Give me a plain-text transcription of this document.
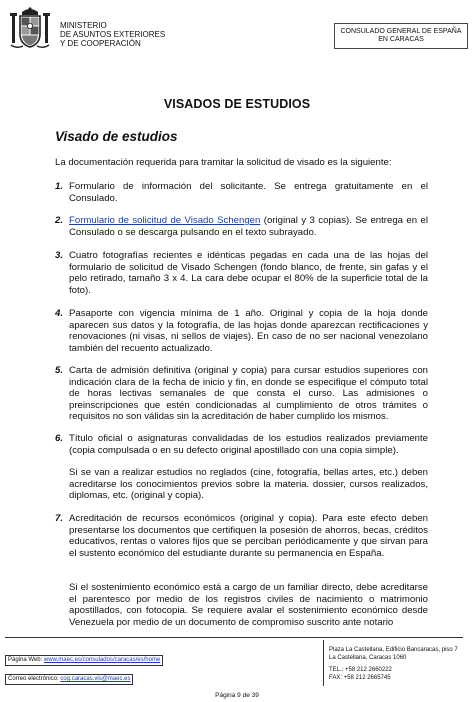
MINISTERIO
DE ASUNTOS EXTERIORES
Y DE COOPERACIÓN
CONSULADO GENERAL DE ESPAÑA
EN CARACAS
VISADOS DE ESTUDIOS
Visado de estudios
La documentación requerida para tramitar la solicitud de visado es la siguiente:
1. Formulario de información del solicitante. Se entrega gratuitamente en el Consulado.
2. Formulario de solicitud de Visado Schengen (original y 3 copias). Se entrega en el Consulado o se descarga pulsando en el texto subrayado.
3. Cuatro fotografías recientes e idénticas pegadas en cada una de las hojas del formulario de solicitud de Visado Schengen (fondo blanco, de frente, sin gafas y el pelo retirado, tamaño 3 x 4. La cara debe ocupar el 80% de la superficie total de la foto).
4. Pasaporte con vigencia mínima de 1 año. Original y copia de la hoja donde aparecen sus datos y la fotografía, de las hojas donde aparezcan rectificaciones y renovaciones (ni visas, ni sellos de viajes). En caso de no ser nacional venezolano también del recuento actualizado.
5. Carta de admisión definitiva (original y copia) para cursar estudios superiores con indicación clara de la fecha de inicio y fin, en donde se especifique el cómputo total de horas lectivas semanales de que consta el curso. Las admisiones o preinscripciones que estén condicionadas al cumplimiento de otros trámites o requisitos no son válidas sin la acreditación de haber cumplido los mismos.
6. Título oficial o asignaturas convalidadas de los estudios realizados previamente (copia compulsada o en su defecto original apostillado con una copia simple).
Si se van a realizar estudios no reglados (cine, fotografía, bellas artes, etc.) deben acreditarse los conocimientos previos sobre la materia. dossier, cursos realizados, diplomas, etc. (original y copia).
7. Acreditación de recursos económicos (original y copia). Para este efecto deben presentarse los documentos que certifiquen la posesión de ahorros, becas, créditos educativos, rentas o valores fijos que se perciban periódicamente y que sirvan para el sustento económico del estudiante durante su permanencia en España.
Si el sostenimiento económico está a cargo de un familiar directo, debe acreditarse el parentesco por medio de los registros civiles de nacimiento o matrimonio apostillados, con fotocopia. Se requiere avalar el sostenimiento económico desde Venezuela por medio de un documento de compromiso suscrito ante notario
Página Web: www.maec.es/consulados/caracas/es/home
Correo electrónico: cog.caracas.vis@maec.es
Plaza La Castellana, Edificio Bancaracas, piso 7
La Castellana, Caracas 1060
TEL.: +58 212 2660222
FAX: +58 212 2665745
Página 9 de 39
